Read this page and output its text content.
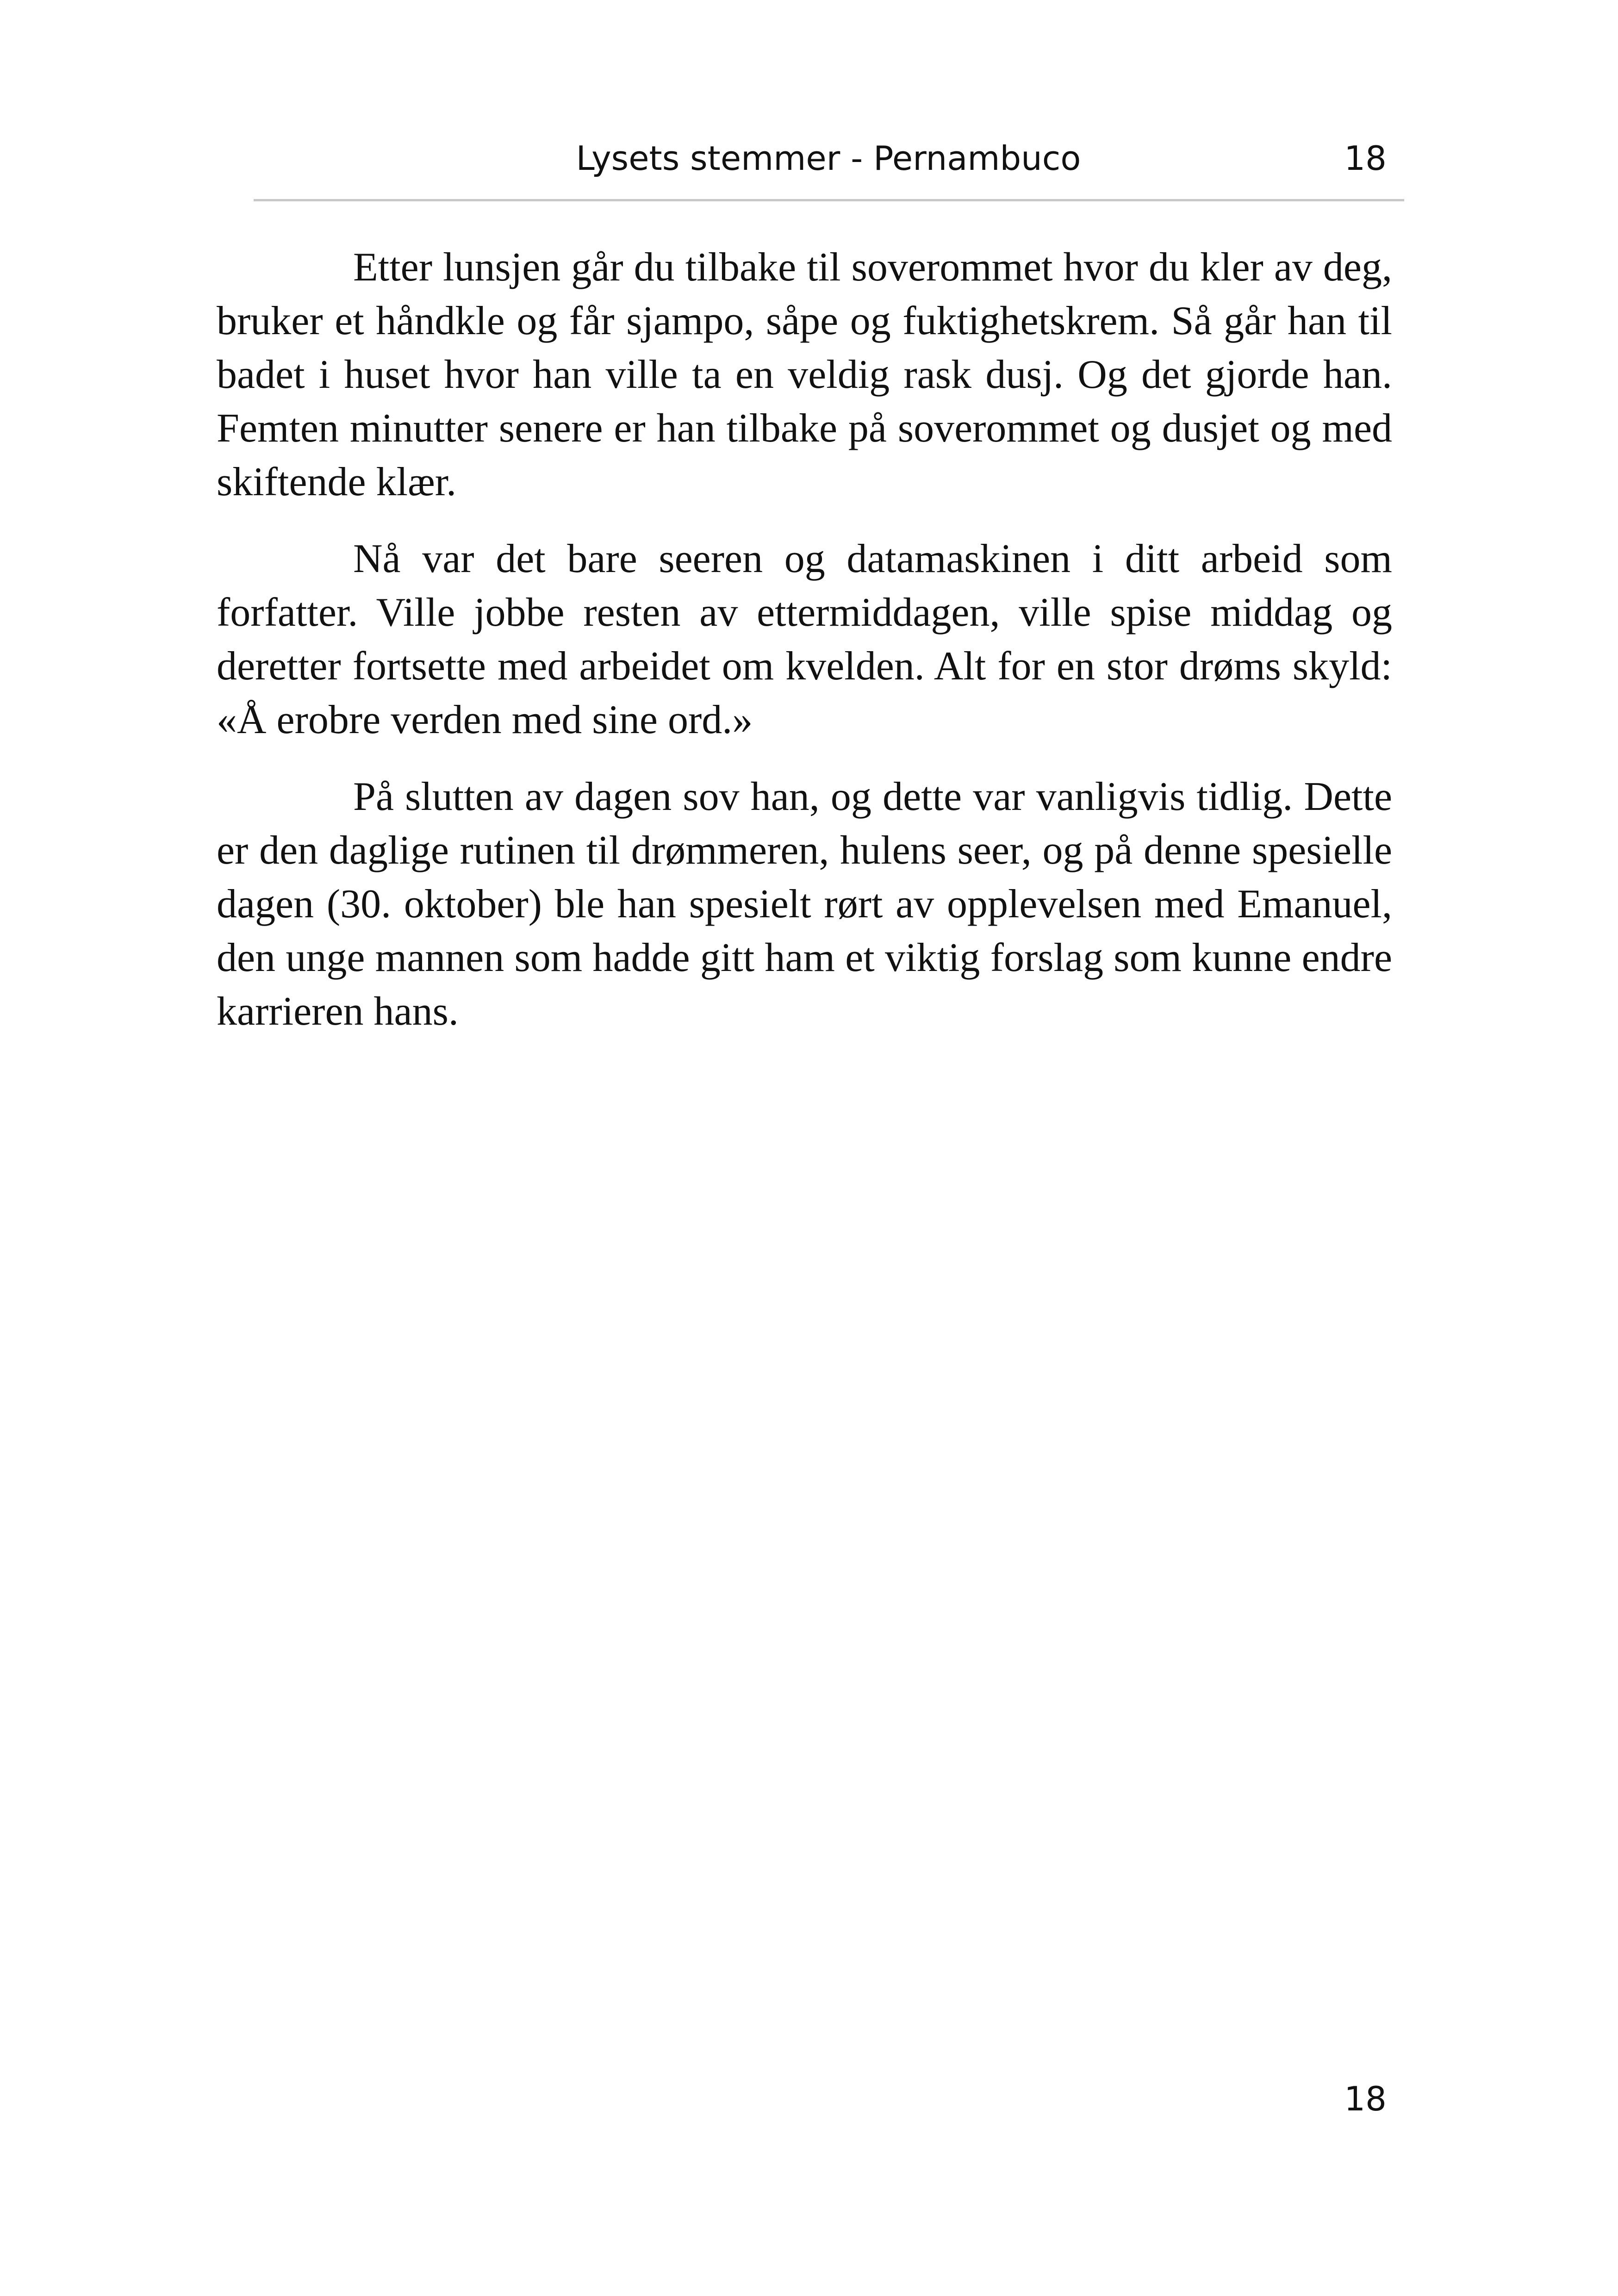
Lysets stemmer - Pernambuco	18

Etter lunsjen går du tilbake til soverommet hvor du kler av deg, bruker et håndkle og får sjampo, såpe og fuktighetskrem. Så går han til badet i huset hvor han ville ta en veldig rask dusj. Og det gjorde han. Femten minutter senere er han tilbake på soverommet og dusjet og med skiftende klær.

Nå var det bare seeren og datamaskinen i ditt arbeid som forfatter. Ville jobbe resten av ettermiddagen, ville spise middag og deretter fortsette med arbeidet om kvelden. Alt for en stor drøms skyld: «Å erobre verden med sine ord.»

På slutten av dagen sov han, og dette var vanligvis tidlig. Dette er den daglige rutinen til drømmeren, hulens seer, og på denne spesielle dagen (30. oktober) ble han spesielt rørt av opplevelsen med Emanuel, den unge mannen som hadde gitt ham et viktig forslag som kunne endre karrieren hans.

18
